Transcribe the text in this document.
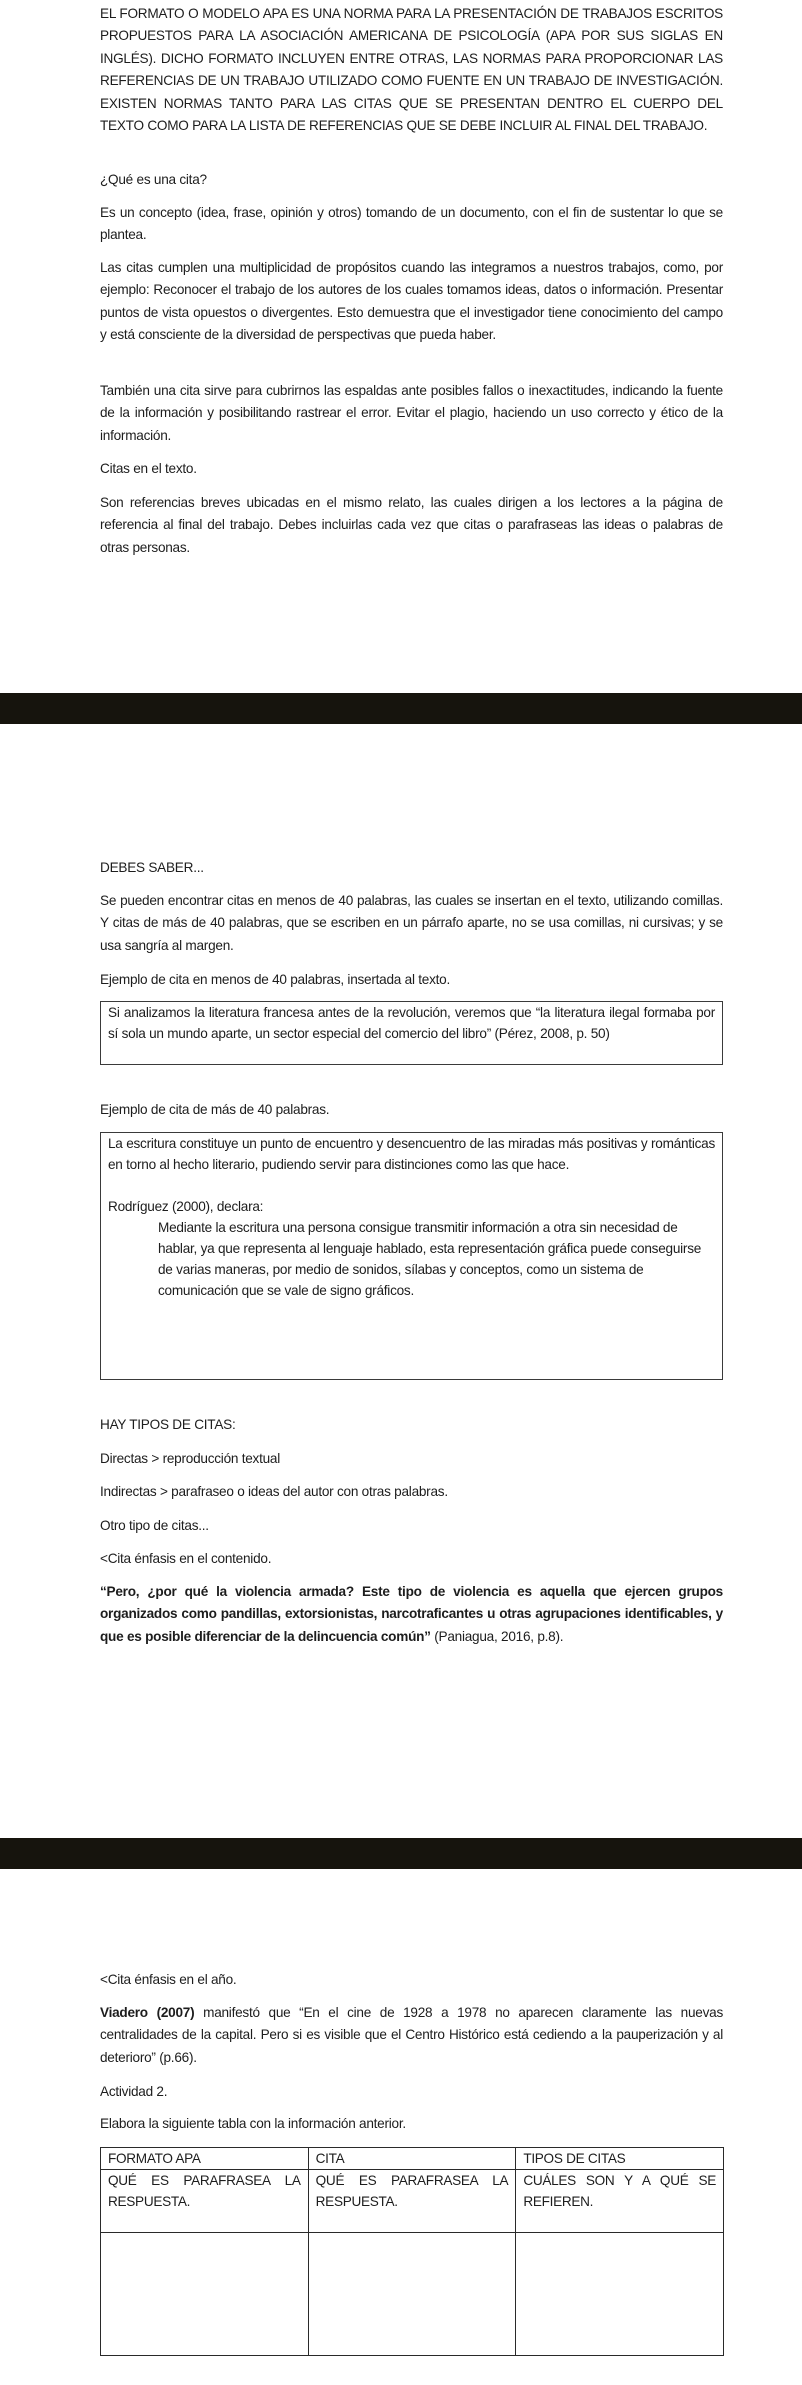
EL FORMATO O MODELO APA ES UNA NORMA PARA LA PRESENTACIÓN DE TRABAJOS ESCRITOS PROPUESTOS PARA LA ASOCIACIÓN AMERICANA DE PSICOLOGÍA (APA POR SUS SIGLAS EN INGLÉS). DICHO FORMATO INCLUYEN ENTRE OTRAS, LAS NORMAS PARA PROPORCIONAR LAS REFERENCIAS DE UN TRABAJO UTILIZADO COMO FUENTE EN UN TRABAJO DE INVESTIGACIÓN. EXISTEN NORMAS TANTO PARA LAS CITAS QUE SE PRESENTAN DENTRO EL CUERPO DEL TEXTO COMO PARA LA LISTA DE REFERENCIAS QUE SE DEBE INCLUIR AL FINAL DEL TRABAJO.

¿Qué es una cita?

Es un concepto (idea, frase, opinión y otros) tomando de un documento, con el fin de sustentar lo que se plantea.

Las citas cumplen una multiplicidad de propósitos cuando las integramos a nuestros trabajos, como, por ejemplo: Reconocer el trabajo de los autores de los cuales tomamos ideas, datos o información. Presentar puntos de vista opuestos o divergentes. Esto demuestra que el investigador tiene conocimiento del campo y está consciente de la diversidad de perspectivas que pueda haber.

También una cita sirve para cubrirnos las espaldas ante posibles fallos o inexactitudes, indicando la fuente de la información y posibilitando rastrear el error. Evitar el plagio, haciendo un uso correcto y ético de la información.

Citas en el texto.

Son referencias breves ubicadas en el mismo relato, las cuales dirigen a los lectores a la página de referencia al final del trabajo. Debes incluirlas cada vez que citas o parafraseas las ideas o palabras de otras personas.

DEBES SABER...

Se pueden encontrar citas en menos de 40 palabras, las cuales se insertan en el texto, utilizando comillas. Y citas de más de 40 palabras, que se escriben en un párrafo aparte, no se usa comillas, ni cursivas; y se usa sangría al margen.

Ejemplo de cita en menos de 40 palabras, insertada al texto.

Si analizamos la literatura francesa antes de la revolución, veremos que “la literatura ilegal formaba por sí sola un mundo aparte, un sector especial del comercio del libro” (Pérez, 2008, p. 50)

Ejemplo de cita de más de 40 palabras.

La escritura constituye un punto de encuentro y desencuentro de las miradas más positivas y románticas en torno al hecho literario, pudiendo servir para distinciones como las que hace.
Rodríguez (2000), declara:
Mediante la escritura una persona consigue transmitir información a otra sin necesidad de hablar, ya que representa al lenguaje hablado, esta representación gráfica puede conseguirse de varias maneras, por medio de sonidos, sílabas y conceptos, como un sistema de comunicación que se vale de signo gráficos.

HAY TIPOS DE CITAS:

Directas > reproducción textual

Indirectas > parafraseo o ideas del autor con otras palabras.

Otro tipo de citas...

<Cita énfasis en el contenido.

“Pero, ¿por qué la violencia armada? Este tipo de violencia es aquella que ejercen grupos organizados como pandillas, extorsionistas, narcotraficantes u otras agrupaciones identificables, y que es posible diferenciar de la delincuencia común” (Paniagua, 2016, p.8).

<Cita énfasis en el año.

Viadero (2007) manifestó que “En el cine de 1928 a 1978 no aparecen claramente las nuevas centralidades de la capital. Pero si es visible que el Centro Histórico está cediendo a la pauperización y al deterioro” (p.66).

Actividad 2.

Elabora la siguiente tabla con la información anterior.

FORMATO APA	CITA	TIPOS DE CITAS
QUÉ ES PARAFRASEA LA RESPUESTA.	QUÉ ES PARAFRASEA LA RESPUESTA.	CUÁLES SON Y A QUÉ SE REFIEREN.
